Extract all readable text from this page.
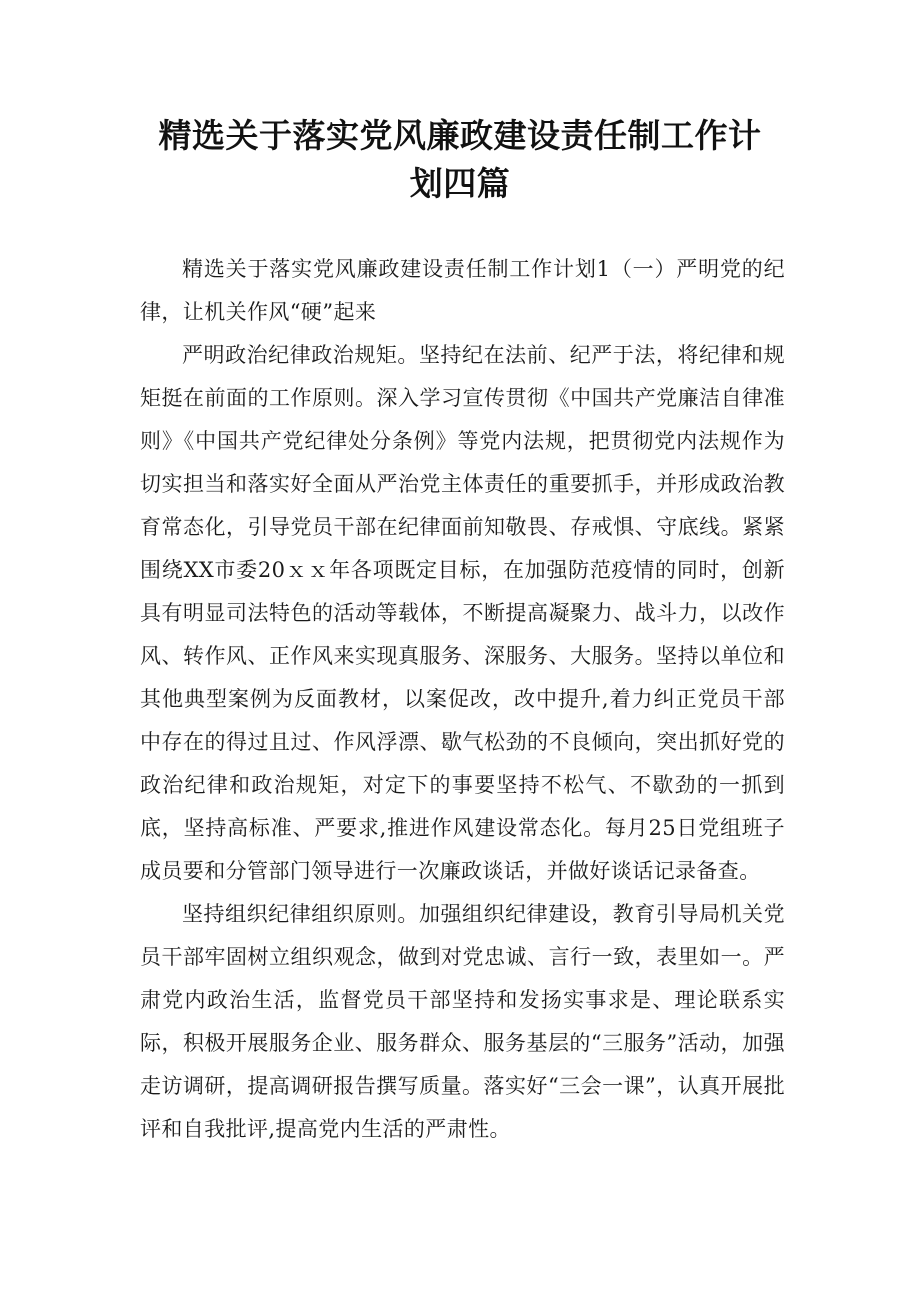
精选关于落实党风廉政建设责任制工作计
划四篇

精选关于落实党风廉政建设责任制工作计划1（一）严明党的纪律，让机关作风“硬”起来

严明政治纪律政治规矩。坚持纪在法前、纪严于法，将纪律和规矩挺在前面的工作原则。深入学习宣传贯彻《中国共产党廉洁自律准则》《中国共产党纪律处分条例》等党内法规，把贯彻党内法规作为切实担当和落实好全面从严治党主体责任的重要抓手，并形成政治教育常态化，引导党员干部在纪律面前知敬畏、存戒惧、守底线。紧紧围绕XX市委20ｘｘ年各项既定目标，在加强防范疫情的同时，创新具有明显司法特色的活动等载体，不断提高凝聚力、战斗力，以改作风、转作风、正作风来实现真服务、深服务、大服务。坚持以单位和其他典型案例为反面教材，以案促改，改中提升,着力纠正党员干部中存在的得过且过、作风浮漂、歇气松劲的不良倾向，突出抓好党的政治纪律和政治规矩，对定下的事要坚持不松气、不歇劲的一抓到底，坚持高标准、严要求,推进作风建设常态化。每月25日党组班子成员要和分管部门领导进行一次廉政谈话，并做好谈话记录备查。

坚持组织纪律组织原则。加强组织纪律建设，教育引导局机关党员干部牢固树立组织观念，做到对党忠诚、言行一致，表里如一。严肃党内政治生活，监督党员干部坚持和发扬实事求是、理论联系实际，积极开展服务企业、服务群众、服务基层的“三服务”活动，加强走访调研，提高调研报告撰写质量。落实好“三会一课”，认真开展批评和自我批评,提高党内生活的严肃性。
